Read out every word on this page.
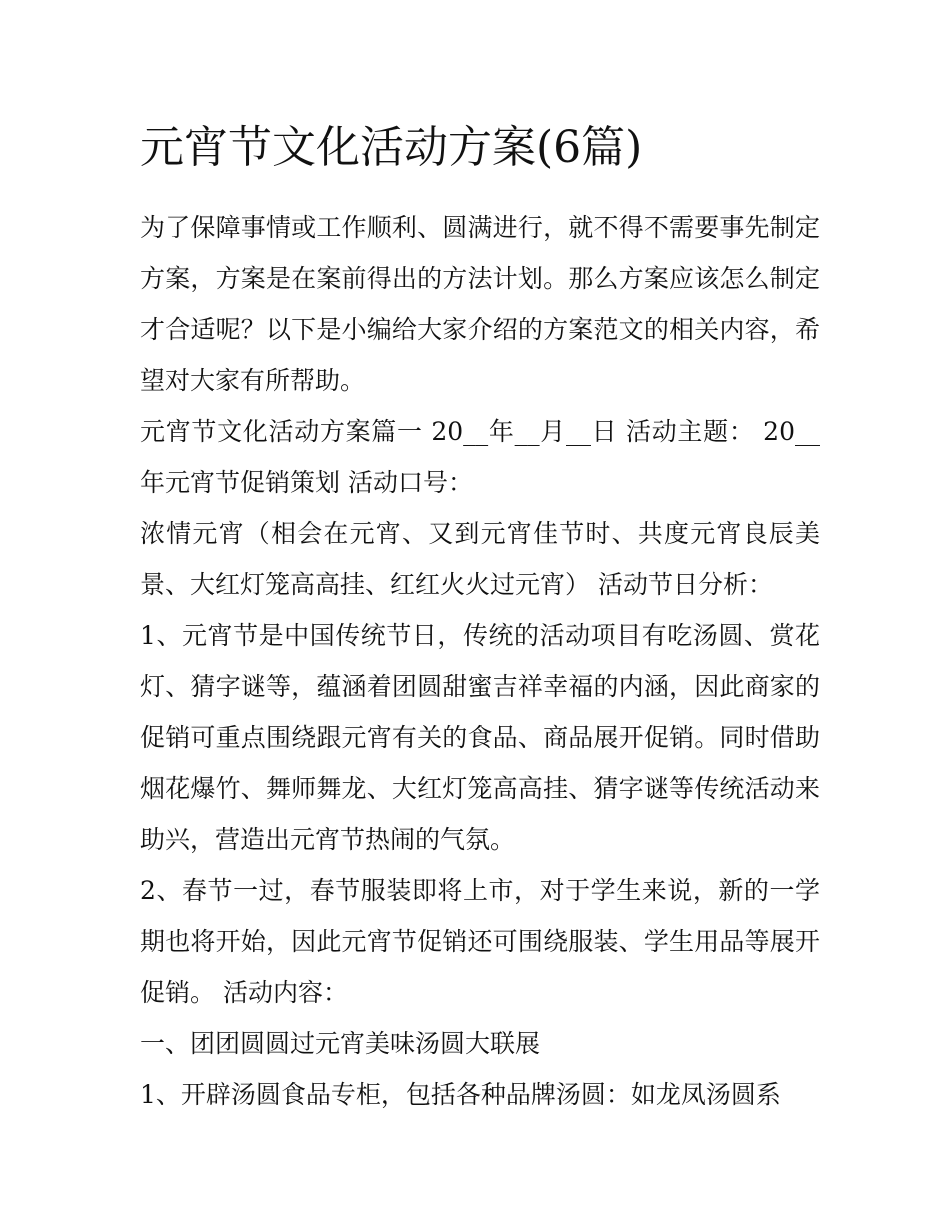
元宵节文化活动方案(6篇)

为了保障事情或工作顺利、圆满进行，就不得不需要事先制定方案，方案是在案前得出的方法计划。那么方案应该怎么制定才合适呢？以下是小编给大家介绍的方案范文的相关内容，希望对大家有所帮助。

元宵节文化活动方案篇一 20__年__月__日 活动主题： 20__年元宵节促销策划 活动口号：

浓情元宵（相会在元宵、又到元宵佳节时、共度元宵良辰美景、大红灯笼高高挂、红红火火过元宵） 活动节日分析：

1、元宵节是中国传统节日，传统的活动项目有吃汤圆、赏花灯、猜字谜等，蕴涵着团圆甜蜜吉祥幸福的内涵，因此商家的促销可重点围绕跟元宵有关的食品、商品展开促销。同时借助烟花爆竹、舞师舞龙、大红灯笼高高挂、猜字谜等传统活动来助兴，营造出元宵节热闹的气氛。

2、春节一过，春节服装即将上市，对于学生来说，新的一学期也将开始，因此元宵节促销还可围绕服装、学生用品等展开促销。 活动内容：

一、团团圆圆过元宵美味汤圆大联展

1、开辟汤圆食品专柜，包括各种品牌汤圆：如龙凤汤圆系
